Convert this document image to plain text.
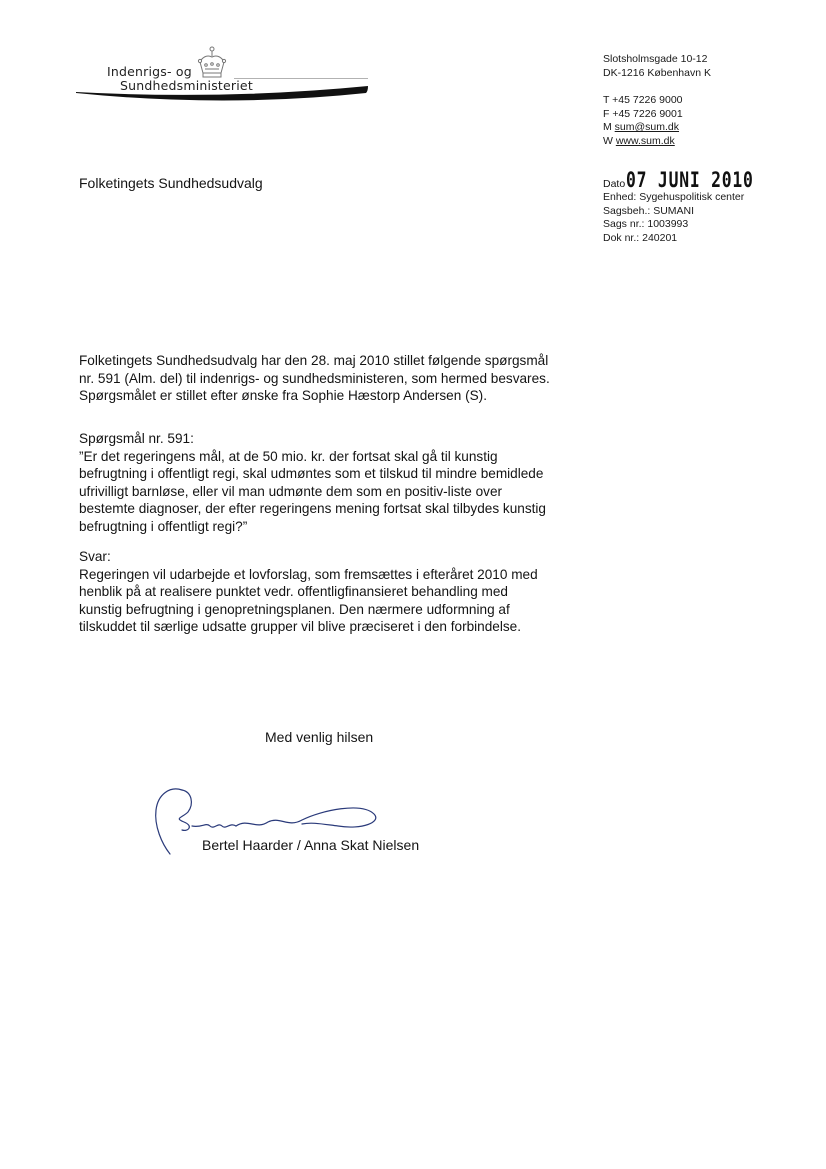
Indenrigs- og
Sundhedsministeriet
Slotsholmsgade 10-12
DK-1216 København K
T +45 7226 9000
F +45 7226 9001
M sum@sum.dk
W www.sum.dk
Folketingets Sundhedsudvalg	Dato07 JUNI 2010
Enhed: Sygehuspolitisk center
Sagsbeh.: SUMANI
Sags nr.: 1003993
Dok nr.: 240201
Folketingets Sundhedsudvalg har den 28. maj 2010 stillet følgende spørgsmål
nr. 591 (Alm. del) til indenrigs- og sundhedsministeren, som hermed besvares.
Spørgsmålet er stillet efter ønske fra Sophie Hæstorp Andersen (S).
Spørgsmål nr. 591:
”Er det regeringens mål, at de 50 mio. kr. der fortsat skal gå til kunstig
befrugtning i offentligt regi, skal udmøntes som et tilskud til mindre bemidlede
ufrivilligt barnløse, eller vil man udmønte dem som en positiv-liste over
bestemte diagnoser, der efter regeringens mening fortsat skal tilbydes kunstig
befrugtning i offentligt regi?”
Svar:
Regeringen vil udarbejde et lovforslag, som fremsættes i efteråret 2010 med
henblik på at realisere punktet vedr. offentligfinansieret behandling med
kunstig befrugtning i genopretningsplanen. Den nærmere udformning af
tilskuddet til særlige udsatte grupper vil blive præciseret i den forbindelse.
Med venlig hilsen
Bertel Haarder / Anna Skat Nielsen
